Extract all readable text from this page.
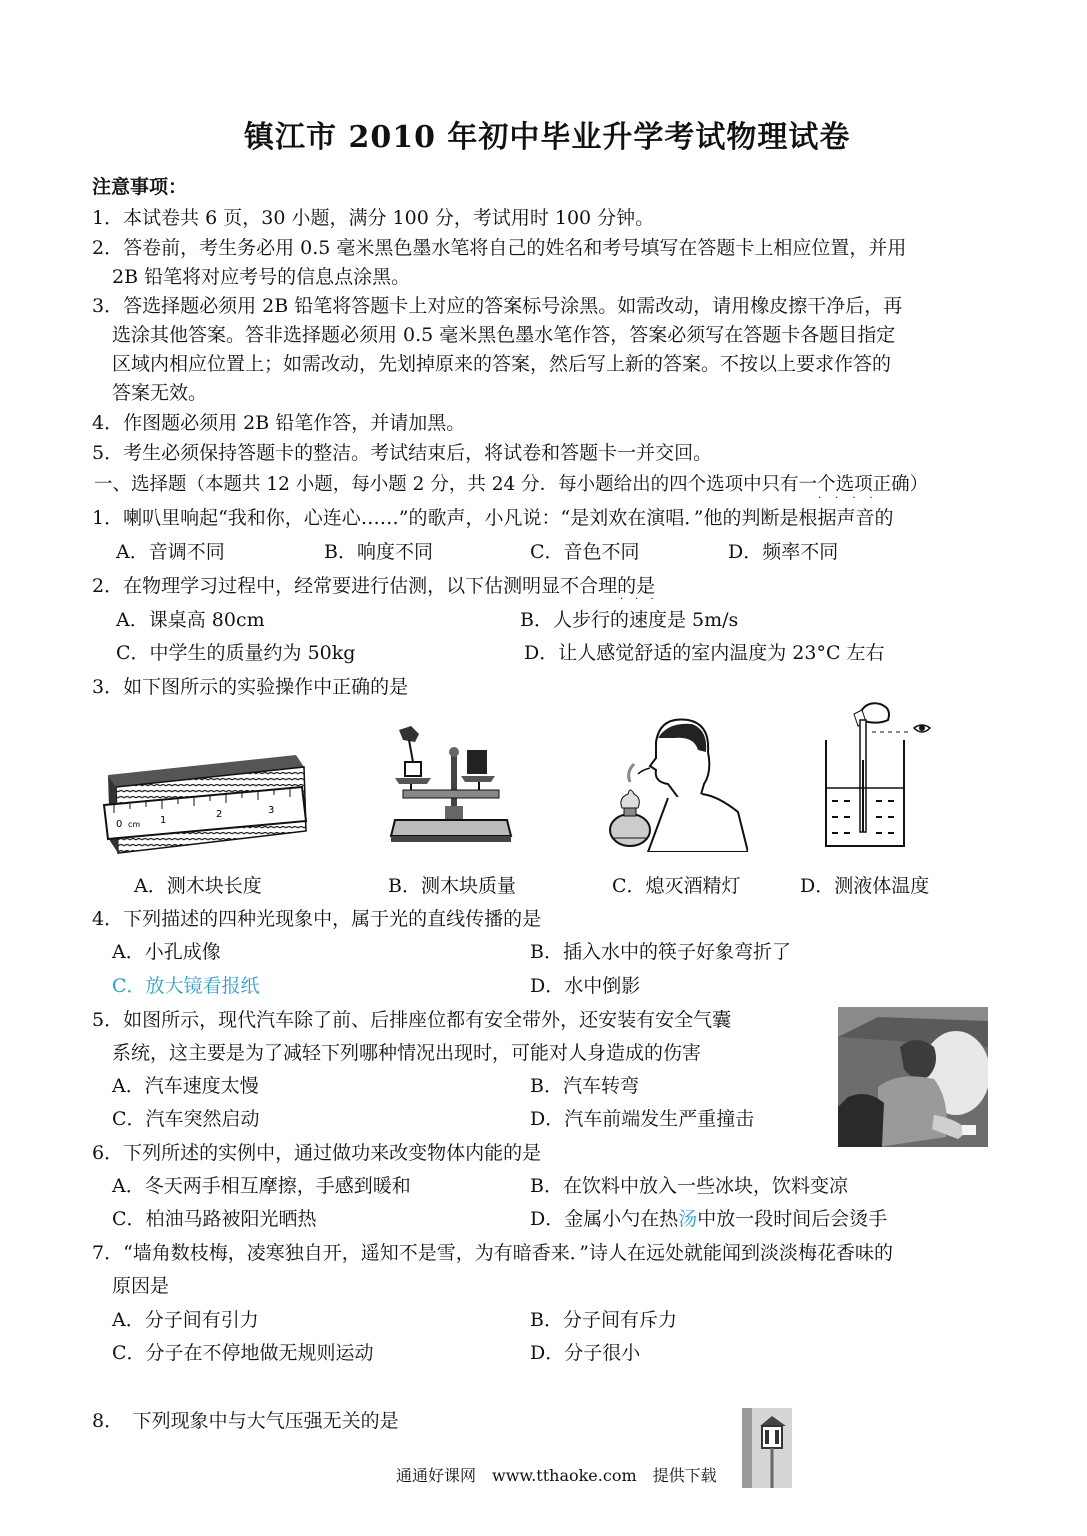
镇江市 2010 年初中毕业升学考试物理试卷
注意事项：
1．本试卷共 6 页，30 小题，满分 100 分，考试用时 100 分钟。
2．答卷前，考生务必用 0.5 毫米黑色墨水笔将自己的姓名和考号填写在答题卡上相应位置，并用
2B 铅笔将对应考号的信息点涂黑。
3．答选择题必须用 2B 铅笔将答题卡上对应的答案标号涂黑。如需改动，请用橡皮擦干净后，再
选涂其他答案。答非选择题必须用 0.5 毫米黑色墨水笔作答，答案必须写在答题卡各题目指定
区域内相应位置上；如需改动，先划掉原来的答案，然后写上新的答案。不按以上要求作答的
答案无效。
4．作图题必须用 2B 铅笔作答，并请加黑。
5．考生必须保持答题卡的整洁。考试结束后，将试卷和答题卡一并交回。
一、选择题（本题共 12 小题，每小题 2 分，共 24 分．每小题给出的四个选项中只有一个选项正确）
····
1．喇叭里响起“我和你，心连心……”的歌声，小凡说：“是刘欢在演唱．”他的判断是根据声音的
A．音调不同	B．响度不同	C．音色不同	D．频率不同
2．在物理学习过程中，经常要进行估测，以下估测明显不合理的是
···
A．课桌高 80cm	B．人步行的速度是 5m/s
C．中学生的质量约为 50kg	D．让人感觉舒适的室内温度为 23°C 左右
3．如下图所示的实验操作中正确的是
0 cm 1
2	3
A．测木块长度	B．测木块质量	C．熄灭酒精灯	D．测液体温度
4．下列描述的四种光现象中，属于光的直线传播的是
A．小孔成像	B．插入水中的筷子好象弯折了
C．放大镜看报纸	D．水中倒影
5．如图所示，现代汽车除了前、后排座位都有安全带外，还安装有安全气囊
系统，这主要是为了减轻下列哪种情况出现时，可能对人身造成的伤害
A．汽车速度太慢	B．汽车转弯
C．汽车突然启动	D．汽车前端发生严重撞击
6．下列所述的实例中，通过做功来改变物体内能的是
A．冬天两手相互摩擦，手感到暖和	B．在饮料中放入一些冰块，饮料变凉
C．柏油马路被阳光晒热	D．金属小勺在热汤中放一段时间后会烫手
7．“墙角数枝梅，凌寒独自开，遥知不是雪，为有暗香来．”诗人在远处就能闻到淡淡梅花香味的
原因是
A．分子间有引力	B．分子间有斥力
C．分子在不停地做无规则运动	D．分子很小
8．　下列现象中与大气压强无关的是
通通好课网　www.tthaoke.com　提供下载
